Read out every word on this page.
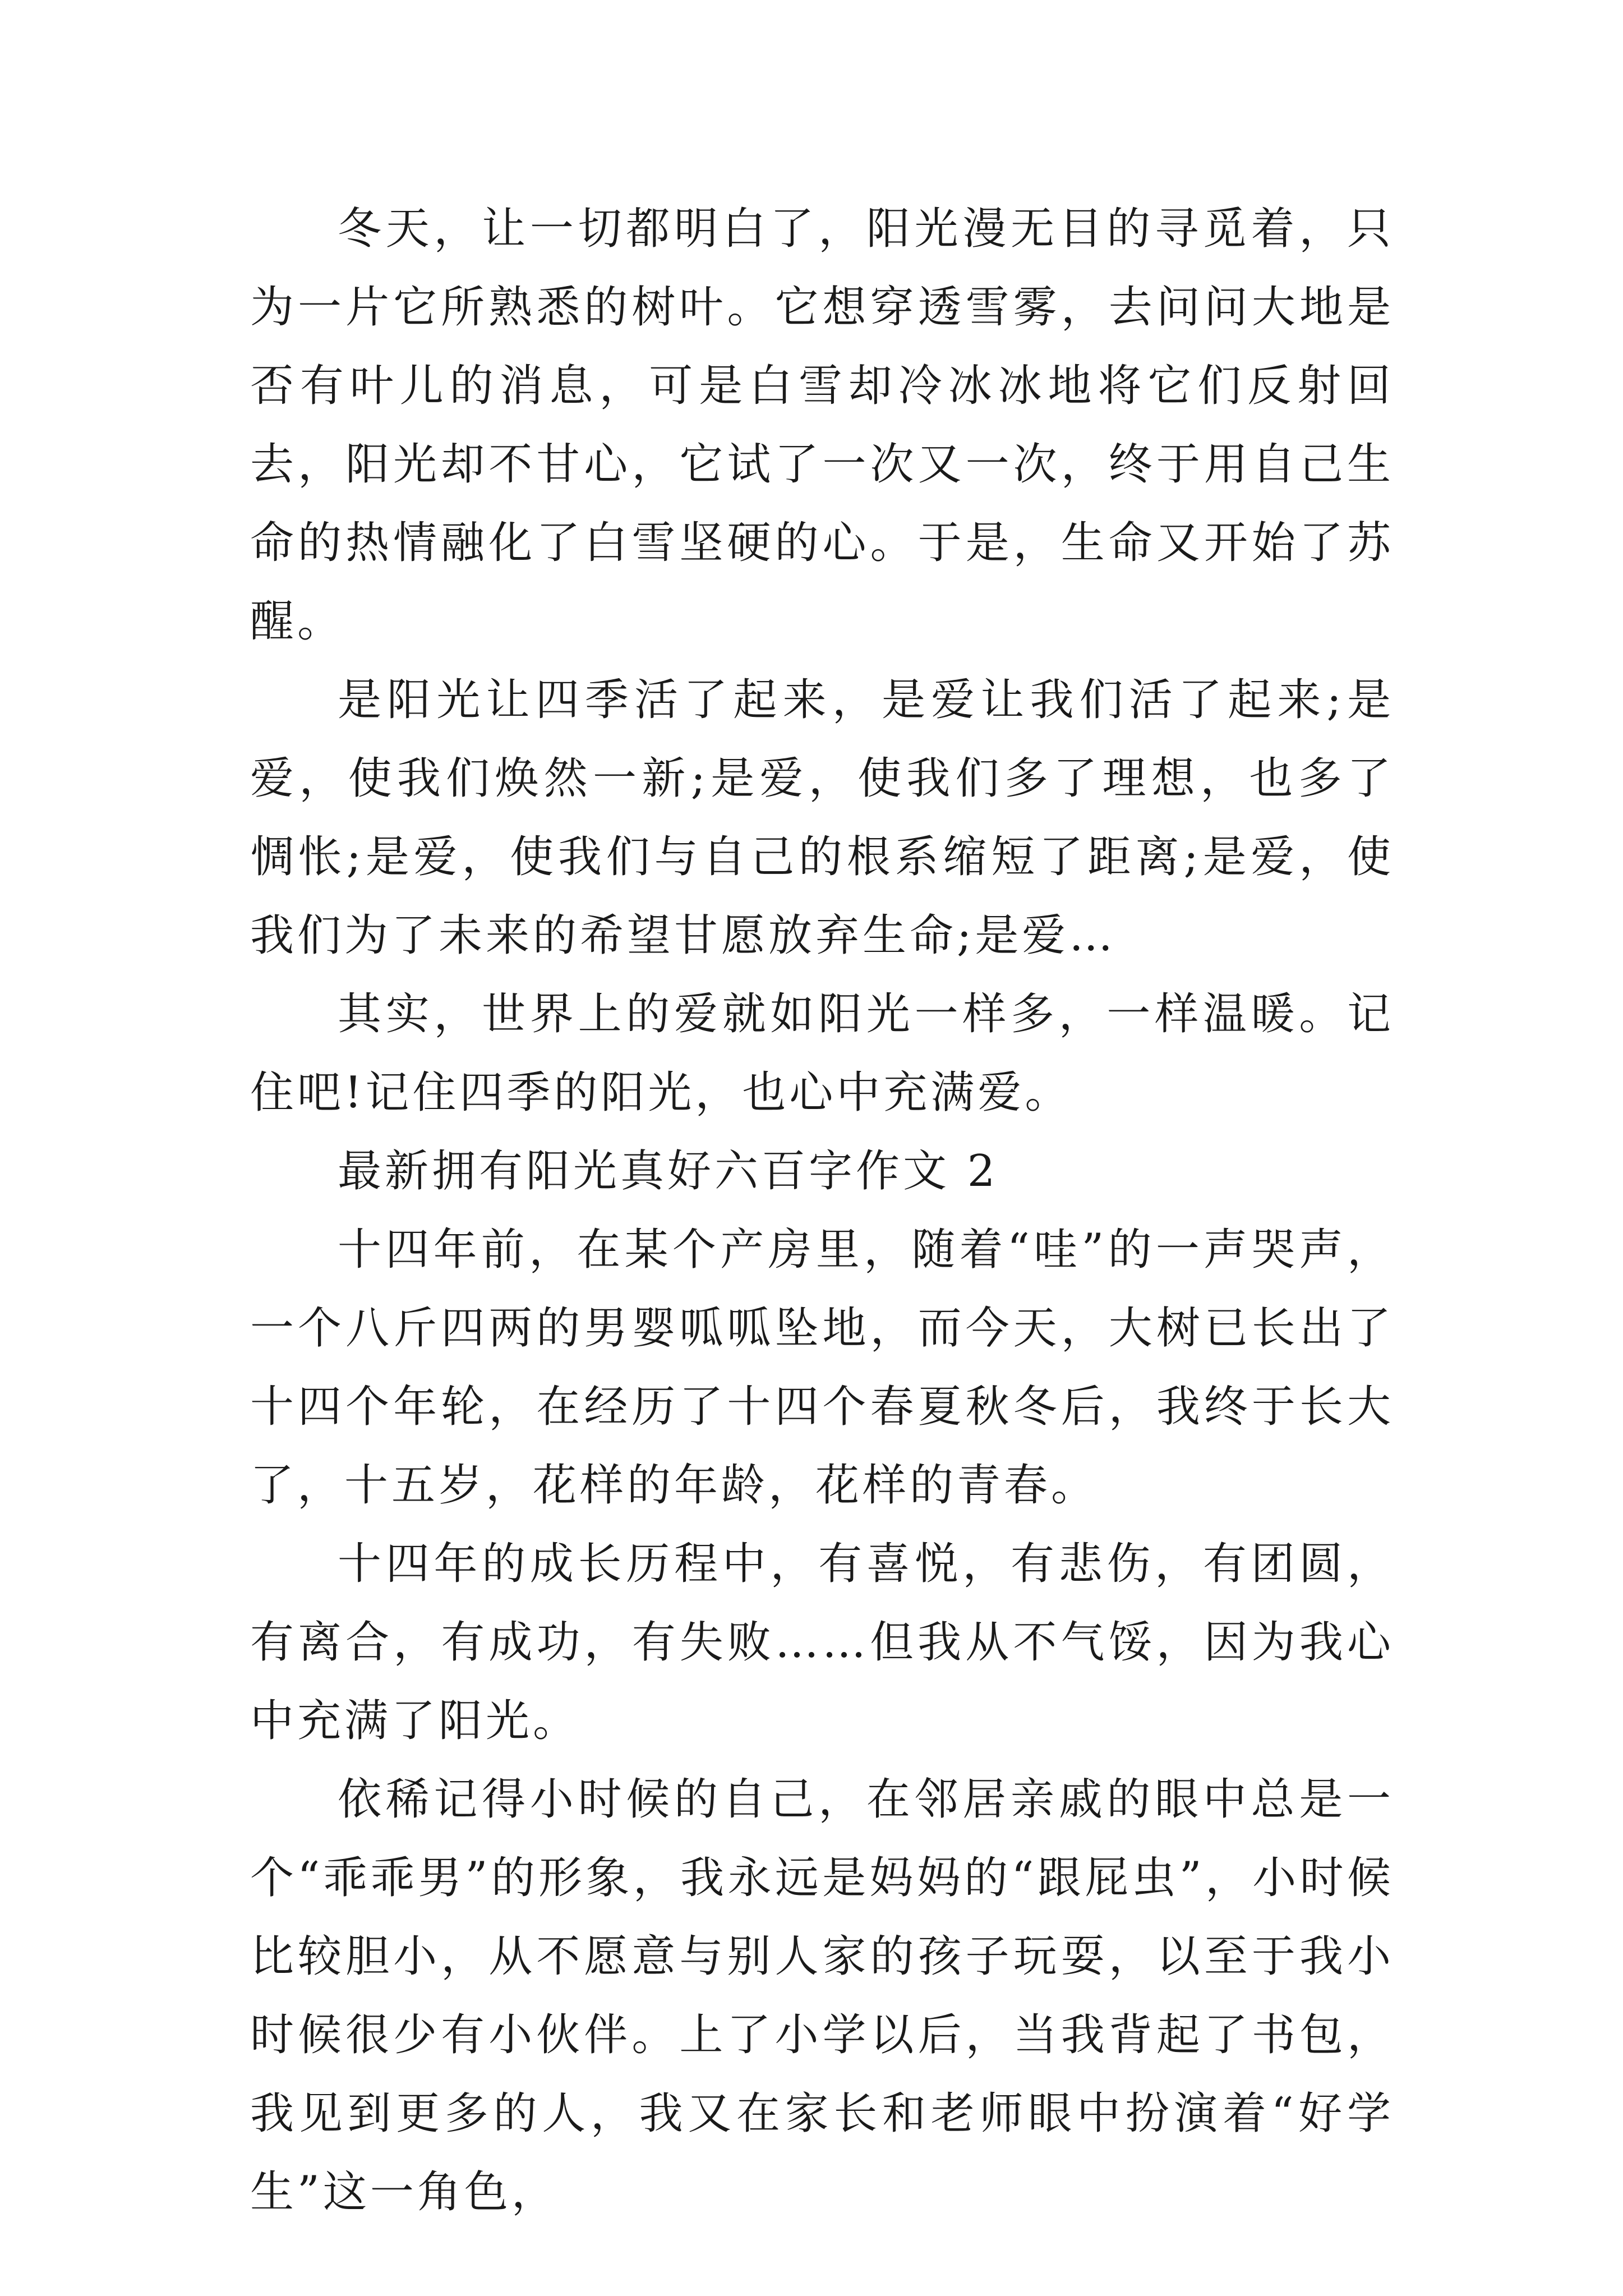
冬天，让一切都明白了，阳光漫无目的寻觅着，只为一片它所熟悉的树叶。它想穿透雪雾，去问问大地是否有叶儿的消息，可是白雪却冷冰冰地将它们反射回去，阳光却不甘心，它试了一次又一次，终于用自己生命的热情融化了白雪坚硬的心。于是，生命又开始了苏醒。

是阳光让四季活了起来，是爱让我们活了起来;是爱，使我们焕然一新;是爱，使我们多了理想，也多了惆怅;是爱，使我们与自己的根系缩短了距离;是爱，使我们为了未来的希望甘愿放弃生命;是爱…

其实，世界上的爱就如阳光一样多，一样温暖。记住吧!记住四季的阳光，也心中充满爱。

最新拥有阳光真好六百字作文 2

十四年前，在某个产房里，随着“哇”的一声哭声，一个八斤四两的男婴呱呱坠地，而今天，大树已长出了十四个年轮，在经历了十四个春夏秋冬后，我终于长大了，十五岁，花样的年龄，花样的青春。

十四年的成长历程中，有喜悦，有悲伤，有团圆，有离合，有成功，有失败……但我从不气馁，因为我心中充满了阳光。

依稀记得小时候的自己，在邻居亲戚的眼中总是一个“乖乖男”的形象，我永远是妈妈的“跟屁虫”，小时候比较胆小，从不愿意与别人家的孩子玩耍，以至于我小时候很少有小伙伴。上了小学以后，当我背起了书包，我见到更多的人，我又在家长和老师眼中扮演着“好学生”这一角色，
